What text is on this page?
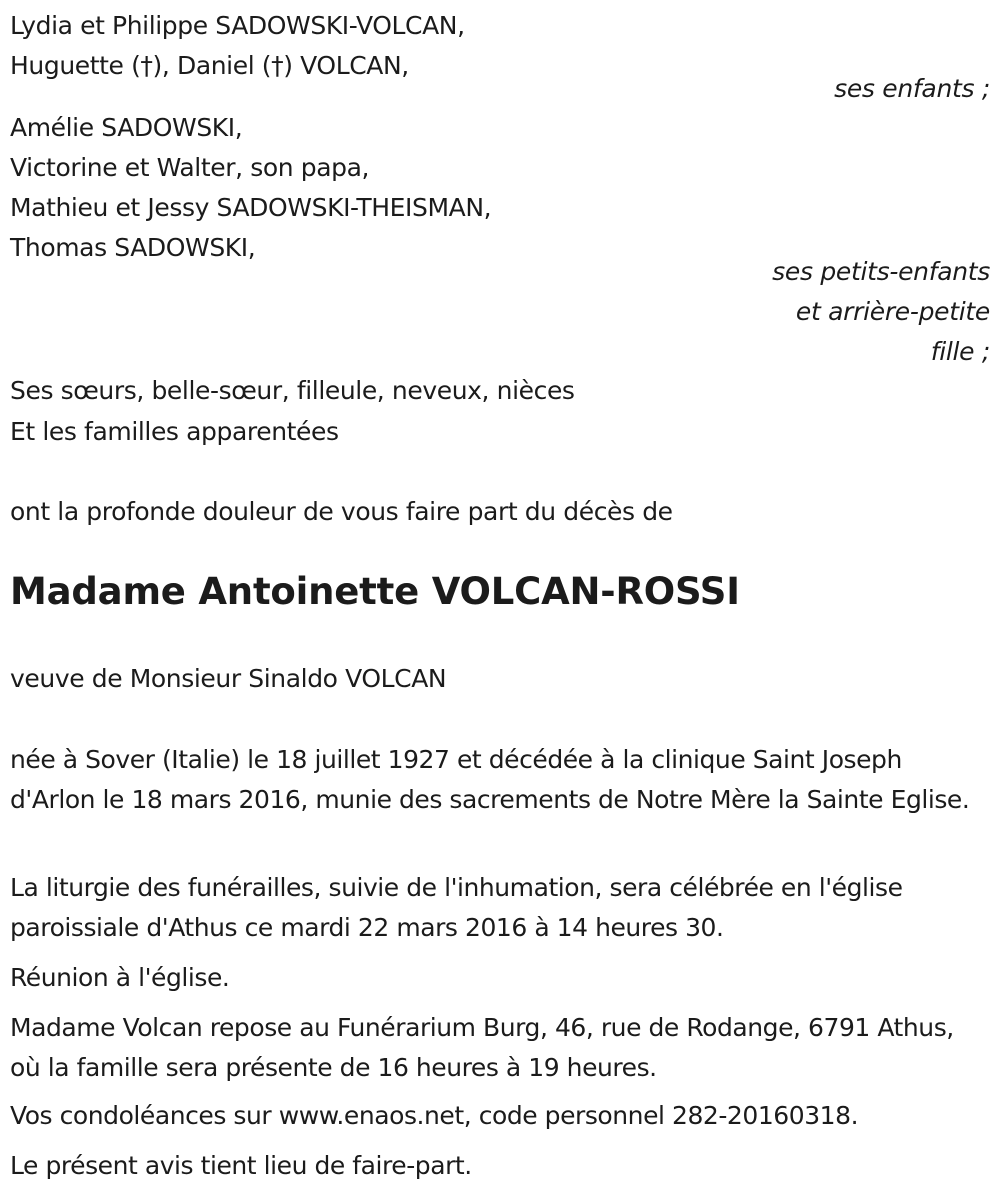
Lydia et Philippe SADOWSKI-VOLCAN,
Huguette (†), Daniel (†) VOLCAN,
ses enfants ;
Amélie SADOWSKI,
Victorine et Walter, son papa,
Mathieu et Jessy SADOWSKI-THEISMAN,
Thomas SADOWSKI,
ses petits-enfants
et arrière-petite
fille ;
Ses sœurs, belle-sœur, filleule, neveux, nièces
Et les familles apparentées
ont la profonde douleur de vous faire part du décès de
Madame Antoinette VOLCAN-ROSSI
veuve de Monsieur Sinaldo VOLCAN
née à Sover (Italie) le 18 juillet 1927 et décédée à la clinique Saint Joseph d'Arlon le 18 mars 2016, munie des sacrements de Notre Mère la Sainte Eglise.
La liturgie des funérailles, suivie de l'inhumation, sera célébrée en l'église paroissiale d'Athus ce mardi 22 mars 2016 à 14 heures 30.
Réunion à l'église.
Madame Volcan repose au Funérarium Burg, 46, rue de Rodange, 6791 Athus, où la famille sera présente de 16 heures à 19 heures.
Vos condoléances sur www.enaos.net, code personnel 282-20160318.
Le présent avis tient lieu de faire-part.
